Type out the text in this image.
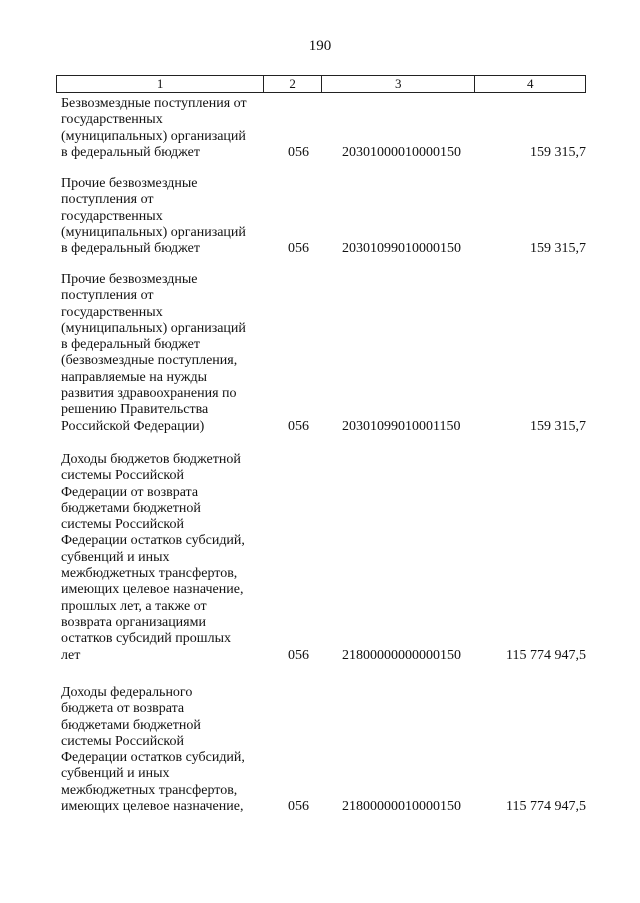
190
1	2	3	4
Безвозмездные поступления от
государственных
(муниципальных) организаций
в федеральный бюджет	056 20301000010000150	159 315,7
Прочие безвозмездные
поступления от
государственных
(муниципальных) организаций
в федеральный бюджет	056 20301099010000150	159 315,7
Прочие безвозмездные
поступления от
государственных
(муниципальных) организаций
в федеральный бюджет
(безвозмездные поступления,
направляемые на нужды
развития здравоохранения по
решению Правительства
Российской Федерации)	056 20301099010001150	159 315,7
Доходы бюджетов бюджетной
системы Российской
Федерации от возврата
бюджетами бюджетной
системы Российской
Федерации остатков субсидий,
субвенций и иных
межбюджетных трансфертов,
имеющих целевое назначение,
прошлых лет, а также от
возврата организациями
остатков субсидий прошлых
лет	056 21800000000000150	115 774 947,5
Доходы федерального
бюджета от возврата
бюджетами бюджетной
системы Российской
Федерации остатков субсидий,
субвенций и иных
межбюджетных трансфертов,
имеющих целевое назначение,	056 21800000010000150	115 774 947,5
